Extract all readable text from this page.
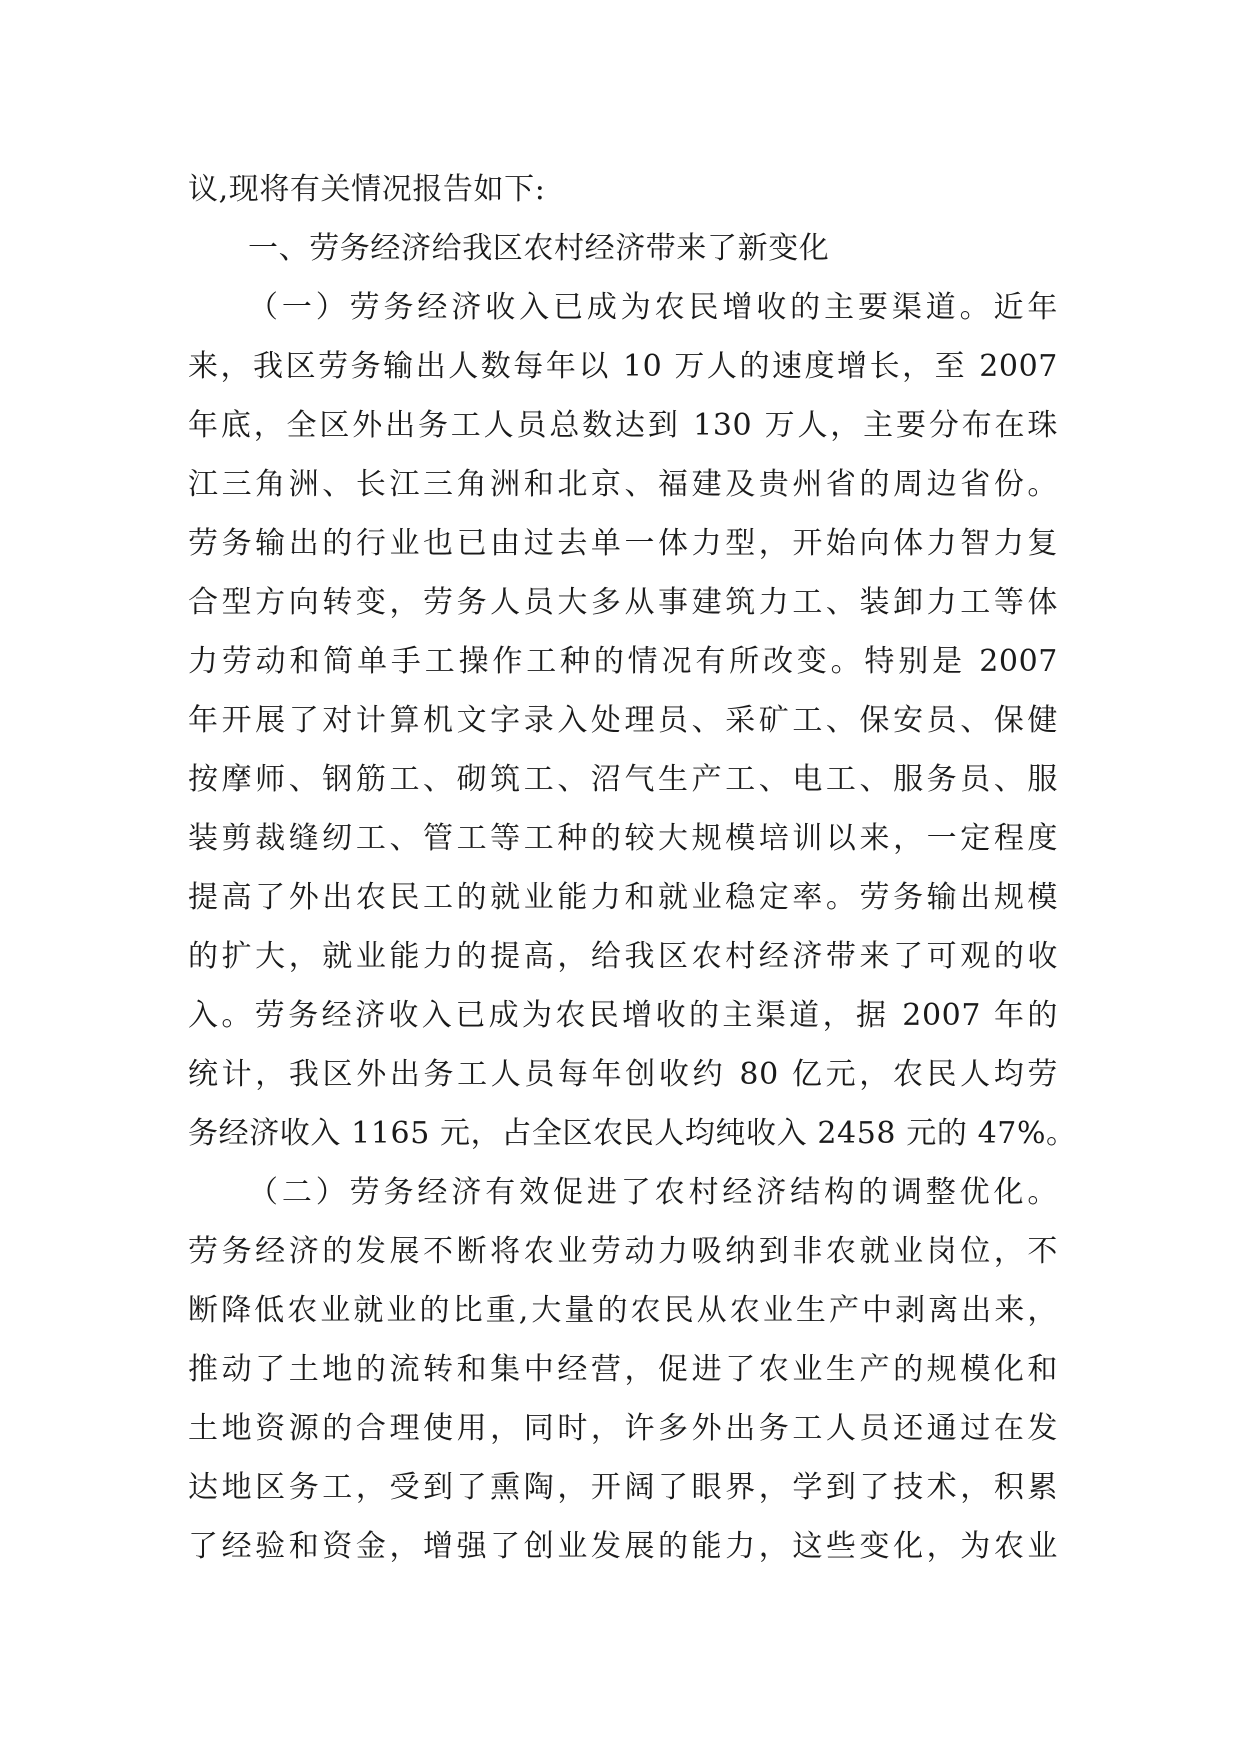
议,现将有关情况报告如下:
一、劳务经济给我区农村经济带来了新变化
（一）劳务经济收入已成为农民增收的主要渠道。近年
来，我区劳务输出人数每年以 10 万人的速度增长，至 2007
年底，全区外出务工人员总数达到 130 万人，主要分布在珠
江三角洲、长江三角洲和北京、福建及贵州省的周边省份。
劳务输出的行业也已由过去单一体力型，开始向体力智力复
合型方向转变，劳务人员大多从事建筑力工、装卸力工等体
力劳动和简单手工操作工种的情况有所改变。特别是 2007
年开展了对计算机文字录入处理员、采矿工、保安员、保健
按摩师、钢筋工、砌筑工、沼气生产工、电工、服务员、服
装剪裁缝纫工、管工等工种的较大规模培训以来，一定程度
提高了外出农民工的就业能力和就业稳定率。劳务输出规模
的扩大，就业能力的提高，给我区农村经济带来了可观的收
入。劳务经济收入已成为农民增收的主渠道，据 2007 年的
统计，我区外出务工人员每年创收约 80 亿元，农民人均劳
务经济收入 1165 元，占全区农民人均纯收入 2458 元的 47%。
（二）劳务经济有效促进了农村经济结构的调整优化。
劳务经济的发展不断将农业劳动力吸纳到非农就业岗位，不
断降低农业就业的比重,大量的农民从农业生产中剥离出来，
推动了土地的流转和集中经营，促进了农业生产的规模化和
土地资源的合理使用，同时，许多外出务工人员还通过在发
达地区务工，受到了熏陶，开阔了眼界，学到了技术，积累
了经验和资金，增强了创业发展的能力，这些变化，为农业
